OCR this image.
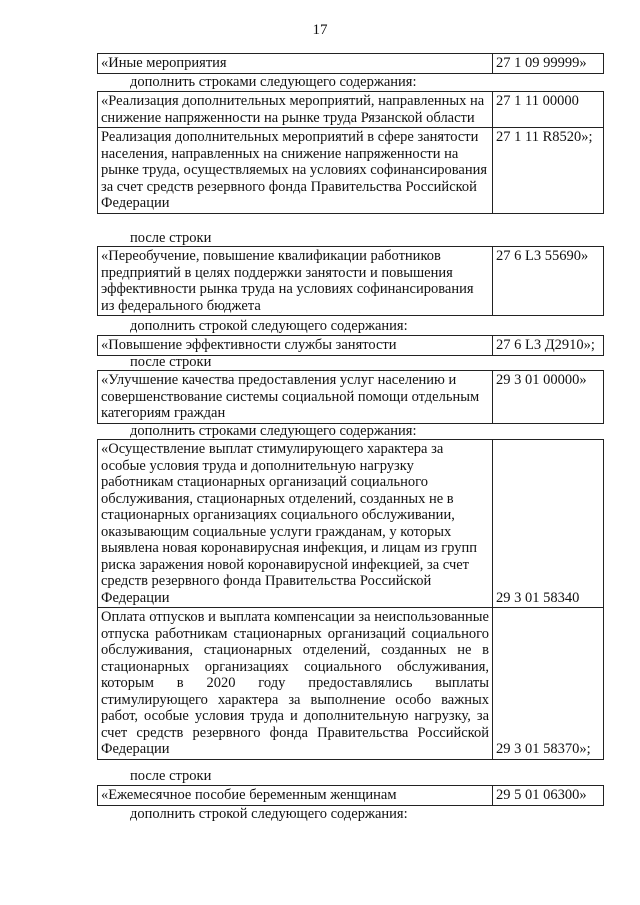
17
«Иные мероприятия	27 1 09 99999»
дополнить строками следующего содержания:
«Реализация дополнительных мероприятий, направленных на снижение напряженности на рынке труда Рязанской области	27 1 11 00000
Реализация дополнительных мероприятий в сфере занятости населения, направленных на снижение напряженности на рынке труда, осуществляемых на условиях софинансирования за счет средств резервного фонда Правительства Российской Федерации	27 1 11 R8520»;
после строки
«Переобучение, повышение квалификации работников предприятий в целях поддержки занятости и повышения эффективности рынка труда на условиях софинансирования из федерального бюджета	27 6 L3 55690»
дополнить строкой следующего содержания:
«Повышение эффективности службы занятости	27 6 L3 Д2910»;
после строки
«Улучшение качества предоставления услуг населению и совершенствование системы социальной помощи отдельным категориям граждан	29 3 01 00000»
дополнить строками следующего содержания:
«Осуществление выплат стимулирующего характера за особые условия труда и дополнительную нагрузку работникам стационарных организаций социального обслуживания, стационарных отделений, созданных не в стационарных организациях социального обслуживании, оказывающим социальные услуги гражданам, у которых выявлена новая коронавирусная инфекция, и лицам из групп риска заражения новой коронавирусной инфекцией, за счет средств резервного фонда Правительства Российской Федерации	29 3 01 58340
Оплата отпусков и выплата компенсации за неиспользованные отпуска работникам стационарных организаций социального обслуживания, стационарных отделений, созданных не в стационарных организациях социального обслуживания, которым в 2020 году предоставлялись выплаты стимулирующего характера за выполнение особо важных работ, особые условия труда и дополнительную нагрузку, за счет средств резервного фонда Правительства Российской Федерации	29 3 01 58370»;
после строки
«Ежемесячное пособие беременным женщинам	29 5 01 06300»
дополнить строкой следующего содержания:
